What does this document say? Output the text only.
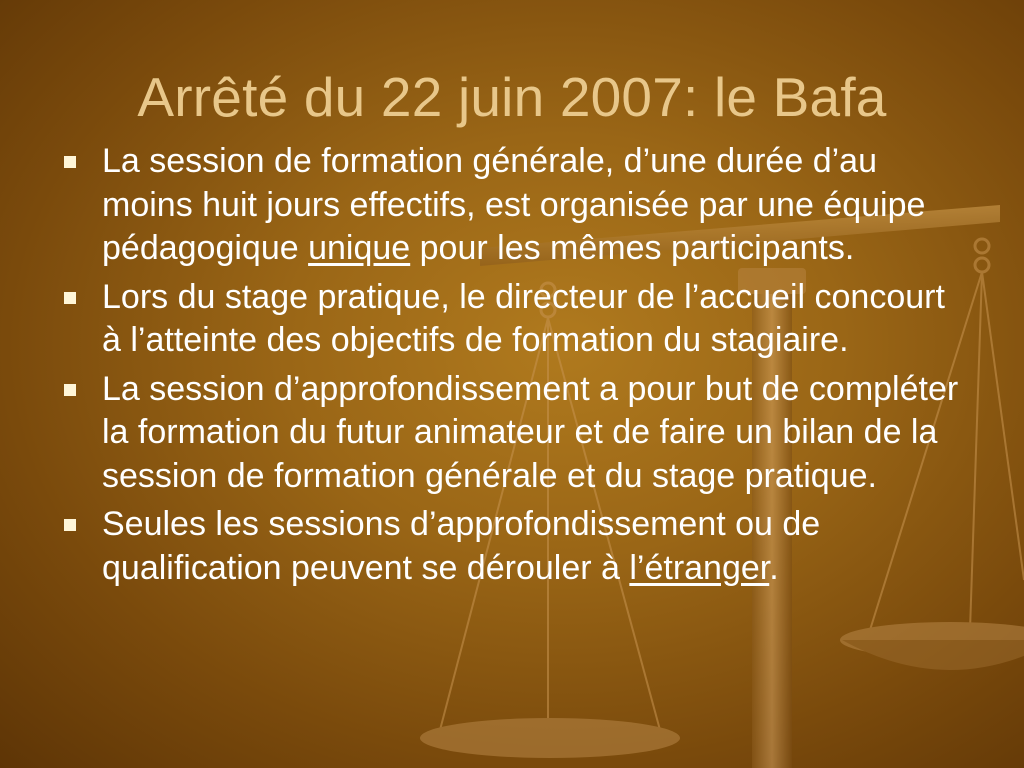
Arrêté du 22 juin 2007: le Bafa
La session de formation générale, d’une durée d’au moins huit jours effectifs, est organisée par une équipe pédagogique unique pour les mêmes participants.
Lors du stage pratique, le directeur de l’accueil concourt à l’atteinte des objectifs de formation du stagiaire.
La session d’approfondissement a pour but de compléter la formation du futur animateur et de faire un bilan de la session de formation générale et du stage pratique.
Seules les sessions d’approfondissement ou de qualification peuvent se dérouler à l’étranger.
